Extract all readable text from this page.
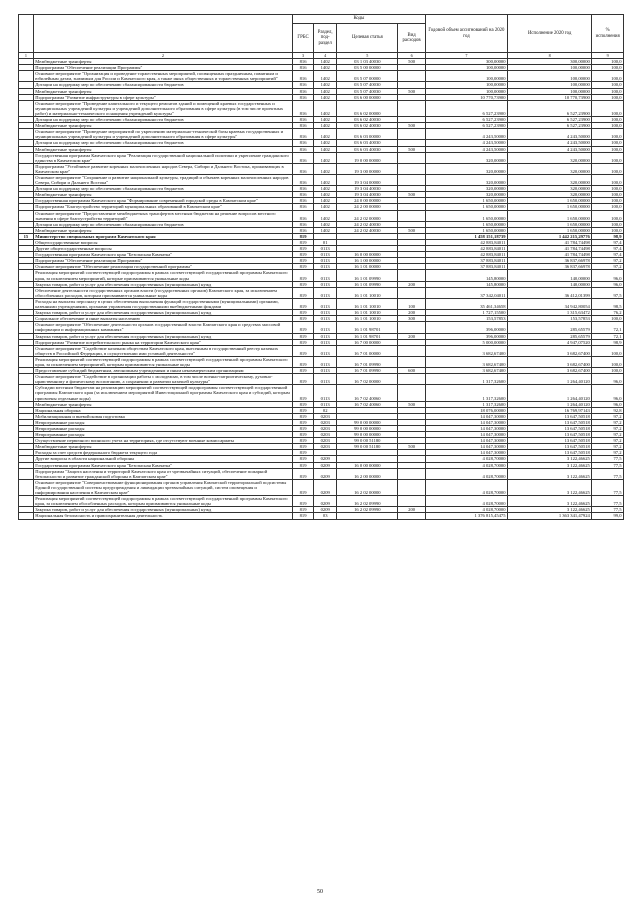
		Коды				Годовой объем ассигнований на 2020 год	Исполнение 2020 год	% исполнения
		ГРБС	Раздел, под-раздел	Целевая статья	Вид расходов			
1	2	3	4	5	6	7	8	9
	Межбюджетные трансферты	816	1402	03 1 03 40030	500	300,00000	300,00000	100,0
	Подпрограмма "Обеспечение реализации Программы"	816	1402	03 5 00 00000		100,00000	100,00000	100,0
	Основное мероприятие "Организация и проведение торжественных мероприятий, посвященных праздничным, памятным и юбилейным датам, значимым для России и Камчатского края, а также иных общественных и торжественных мероприятий"	816	1402	03 5 07 00000		100,00000	100,00000	100,0
	Дотации на поддержку мер по обеспечению сбалансированности бюджетов	816	1402	03 5 07 40030		100,00000	100,00000	100,0
	Межбюджетные трансферты	816	1402	03 5 07 40030	500	100,00000	100,00000	100,0
	Подпрограмма "Развитие инфраструктуры в сфере культуры"	816	1402	03 6 00 00000		10 770,73900	10 770,73900	100,0
	Основное мероприятие "Проведение капитального и текущего ремонтов зданий и помещений краевых государственных и муниципальных учреждений культуры и учреждений дополнительного образования в сфере культуры (в том числе проектных работ) и материально-технического оснащения учреждений культуры"	816	1402	03 6 02 00000		6 527,23900	6 527,23900	100,0
	Дотации на поддержку мер по обеспечению сбалансированности бюджетов	816	1402	03 6 02 40030		6 527,23900	6 527,23900	100,0
	Межбюджетные трансферты	816	1402	03 6 02 40030	500	6 527,23900	6 527,23900	100,0
	Основное мероприятие "Проведение мероприятий по укреплению материально-технической базы краевых государственных и муниципальных учреждений культуры и учреждений дополнительного образования в сфере культуры"	816	1402	03 6 03 00000		4 243,50000	4 243,50000	100,0
	Дотации на поддержку мер по обеспечению сбалансированности бюджетов	816	1402	03 6 03 40030		4 243,50000	4 243,50000	100,0
	Межбюджетные трансферты	816	1402	03 6 03 40030	500	4 243,50000	4 243,50000	100,0
	Государственная программа Камчатского края "Реализация государственной национальной политики и укрепление гражданского единства в Камчатском крае"	816	1402	19 0 00 00000		320,00000	320,00000	100,0
	Подпрограмма "Устойчивое развитие коренных малочисленных народов Севера, Сибири и Дальнего Востока, проживающих в Камчатском крае"	816	1402	19 3 00 00000		320,00000	320,00000	100,0
	Основное мероприятие "Сохранение и развитие национальной культуры, традиций и обычаев коренных малочисленных народов Севера, Сибири и Дальнего Востока"	816	1402	19 3 04 00000		320,00000	320,00000	100,0
	Дотации на поддержку мер по обеспечению сбалансированности бюджетов	816	1402	19 3 04 40030		320,00000	320,00000	100,0
	Межбюджетные трансферты	816	1402	19 3 04 40030	500	320,00000	320,00000	100,0
	Государственная программа Камчатского края "Формирование современной городской среды в Камчатском крае"	816	1402	24 0 00 00000		1 650,00000	1 650,00000	100,0
	Подпрограмма "Благоустройство территорий муниципальных образований в Камчатском крае"	816	1402	24 2 00 00000		1 650,00000	1 650,00000	100,0
	Основное мероприятие "Предоставление межбюджетных трансфертов местным бюджетам на решение вопросов местного значения в сфере благоустройства территорий"	816	1402	24 2 02 00000		1 650,00000	1 650,00000	100,0
	Дотации на поддержку мер по обеспечению сбалансированности бюджетов	816	1402	24 2 02 40030		1 650,00000	1 650,00000	100,0
	Межбюджетные трансферты	816	1402	24 2 02 40030	500	1 650,00000	1 650,00000	100,0
15	Министерство специальных программ Камчатского края	819				1 458 151,18739	1 442 215,29776	98,9
	Общегосударственные вопросы	819	01			42 883,84011	41 784,74498	97,4
	Другие общегосударственные вопросы	819	0113			42 883,84011	41 784,74498	97,4
	Государственная программа Камчатского края "Безопасная Камчатка"	819	0113	16 0 00 00000		42 883,84011	41 784,74498	97,4
	Подпрограмма "Обеспечение реализации Программы"	819	0113	16 1 00 00000		37 883,84011	36 837,66978	97,2
	Основное мероприятие "Обеспечение реализации государственной программы"	819	0113	16 1 01 00000		37 883,84011	36 837,66978	97,2
	Реализация мероприятий соответствующей подпрограммы в рамках соответствующей государственной программы Камчатского края, за исключением мероприятий, которые присваиваются уникальные коды	819	0113	16 1 01 09990		145,80000	140,00000	96,0
	Закупка товаров, работ и услуг для обеспечения государственных (муниципальных) нужд	819	0113	16 1 01 09990	200	145,80000	140,00000	96,0
	Обеспечение деятельности государственных органов власти (государственных органов) Камчатского края, за исключением обособленных расходов, которым присваиваются уникальные коды	819	0113	16 1 01 10010		37 342,04011	36 412,01399	97,5
	Расходы на выплаты персоналу в целях обеспечения выполнения функций государственными (муниципальными) органами, казенными учреждениями, органами управления государственными внебюджетными фондами	819	0113	16 1 01 10010	100	35 461,34658	34 942,80054	98,5
	Закупка товаров, работ и услуг для обеспечения государственных (муниципальных) нужд	819	0113	16 1 01 10010	200	1 727,15500	1 315,63472	76,2
	Социальное обеспечение и иные выплаты населению	819	0113	16 1 01 10010	300	153,57853	153,57853	100,0
	Основное мероприятие "Обеспечение деятельности органов государственной власти Камчатского края и средствах массовой информации и информационных кампаниях"	819	0113	16 1 01 98701		396,00000	285,65579	72,1
	Закупка товаров, работ и услуг для обеспечения государственных (муниципальных) нужд	819	0113	16 1 01 98701	200	396,00000	285,65579	72,1
	Подпрограмма "Развитие потребительского рынка на территории Камчатского края"	819	0113	16 7 00 00000		5 000,00000	4 947,07520	98,9
	Основное мероприятие "Содействие казачьим обществам Камчатского края, внесенным в государственный реестр казачьих обществ в Российской Федерации, в осуществлении ими уставной деятельности"	819	0113	16 7 01 00000		3 682,67400	3 682,67400	100,0
	Реализация мероприятий соответствующей подпрограммы в рамках соответствующей государственной программы Камчатского края, за исключением мероприятий, которым присваиваются уникальные коды	819	0113	16 7 01 09990		3 682,67400	3 682,67400	100,0
	Предоставление субсидий бюджетным, автономным учреждениям и иным некоммерческим организациям	819	0113	16 7 01 09990	600	3 682,67400	3 682,67400	100,0
	Основное мероприятие "Содействие в организации работы с молодежью, в том числе военно-патриотическому, духовно-нравственному и физическому воспитанию, а сохранении и развитии казачьей культуры"	819	0113	16 7 02 00000		1 317,32600	1 264,40120	96,0
	Субсидии местным бюджетам на реализацию мероприятий соответствующей подпрограммы соответствующей государственной программы Камчатского края (за исключением мероприятий Инвестиционной программы Камчатского края и субсидий, которым присвоены отдельные коды)	819	0113	16 7 02 40060		1 317,32600	1 264,40120	96,0
	Межбюджетные трансферты	819	0113	16 7 02 40060	500	1 317,32600	1 264,40120	96,0
	Национальная оборона	819	02			18 076,00000	16 769,97143	92,8
	Мобилизационная и вневойсковая подготовка	819	0203			14 047,30000	13 647,50518	97,2
	Непрограммные расходы	819	0203	99 0 00 00000		14 047,30000	13 647,50518	97,2
	Непрограммные расходы	819	0203	99 0 00 00000		14 047,30000	13 647,50518	97,2
	Непрограммные расходы	819	0203	99 0 00 00000		14 047,30000	13 647,50518	97,2
	Осуществление первичного воинского учета на территориях, где отсутствуют военные комиссариаты	819	0203	99 0 00 51180		14 047,30000	13 647,50518	97,2
	Межбюджетные трансферты	819	0203	99 0 00 51180	500	14 047,30000	13 647,50518	97,2
	Расходы за счет средств федерального бюджета текущего года	819				14 047,30000	13 647,50518	97,2
	Другие вопросы в области национальной обороны	819	0209			4 028,70000	3 122,46625	77,5
	Государственная программа Камчатского края "Безопасная Камчатка"	819	0209	16 0 00 00000		4 028,70000	3 122,46625	77,5
	Подпрограмма "Защита населения и территорий Камчатского края от чрезвычайных ситуаций, обеспечение пожарной безопасности и развитие гражданской обороны в Камчатском крае"	819	0209	16 2 00 00000		4 028,70000	3 122,46625	77,5
	Основное мероприятие "Совершенствование функционирования органов управления Камчатской территориальной подсистемы Единой государственной системы предупреждения и ликвидации чрезвычайных ситуаций, систем оповещения и информирования населения в Камчатском крае"	819	0209	16 2 02 00000		4 028,70000	3 122,46625	77,5
	Реализация мероприятий соответствующей подпрограммы в рамках соответствующей государственной программы Камчатского края, за исключением обособленных расходов, которым присваиваются уникальные коды	819	0209	16 2 02 09990		4 028,70000	3 122,46625	77,5
	Закупка товаров, работ и услуг для обеспечения государственных (муниципальных) нужд	819	0209	16 2 02 09990	200	4 028,70000	3 122,46625	77,5
	Национальная безопасность и правоохранительная деятельность	819	03			1 376 815,45475	1 363 341,47924	99,0
50
